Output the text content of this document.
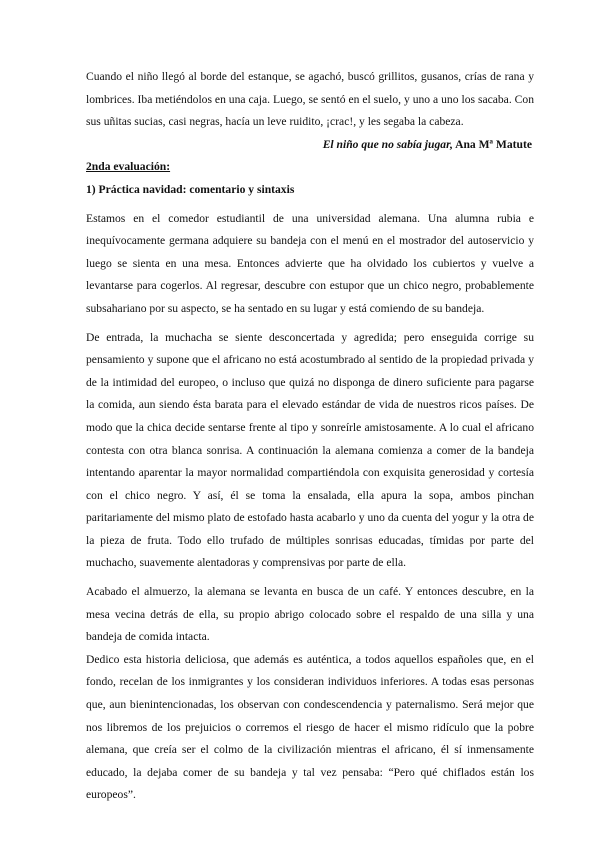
Cuando el niño llegó al borde del estanque, se agachó, buscó grillitos, gusanos, crías de rana y lombrices. Iba metiéndolos en una caja. Luego, se sentó en el suelo, y uno a uno los sacaba. Con sus uñitas sucias, casi negras, hacía un leve ruidito, ¡crac!, y les segaba la cabeza.

El niño que no sabía jugar, Ana Mª Matute
2nda evaluación:
1) Práctica navidad: comentario y sintaxis

Estamos en el comedor estudiantil de una universidad alemana. Una alumna rubia e inequívocamente germana adquiere su bandeja con el menú en el mostrador del autoservicio y luego se sienta en una mesa. Entonces advierte que ha olvidado los cubiertos y vuelve a levantarse para cogerlos. Al regresar, descubre con estupor que un chico negro, probablemente subsahariano por su aspecto, se ha sentado en su lugar y está comiendo de su bandeja.

De entrada, la muchacha se siente desconcertada y agredida; pero enseguida corrige su pensamiento y supone que el africano no está acostumbrado al sentido de la propiedad privada y de la intimidad del europeo, o incluso que quizá no disponga de dinero suficiente para pagarse la comida, aun siendo ésta barata para el elevado estándar de vida de nuestros ricos países. De modo que la chica decide sentarse frente al tipo y sonreírle amistosamente. A lo cual el africano contesta con otra blanca sonrisa. A continuación la alemana comienza a comer de la bandeja intentando aparentar la mayor normalidad compartiéndola con exquisita generosidad y cortesía con el chico negro. Y así, él se toma la ensalada, ella apura la sopa, ambos pinchan paritariamente del mismo plato de estofado hasta acabarlo y uno da cuenta del yogur y la otra de la pieza de fruta. Todo ello trufado de múltiples sonrisas educadas, tímidas por parte del muchacho, suavemente alentadoras y comprensivas por parte de ella.

Acabado el almuerzo, la alemana se levanta en busca de un café. Y entonces descubre, en la mesa vecina detrás de ella, su propio abrigo colocado sobre el respaldo de una silla y una bandeja de comida intacta.

Dedico esta historia deliciosa, que además es auténtica, a todos aquellos españoles que, en el fondo, recelan de los inmigrantes y los consideran individuos inferiores. A todas esas personas que, aun bienintencionadas, los observan con condescendencia y paternalismo. Será mejor que nos libremos de los prejuicios o corremos el riesgo de hacer el mismo ridículo que la pobre alemana, que creía ser el colmo de la civilización mientras el africano, él sí inmensamente educado, la dejaba comer de su bandeja y tal vez pensaba: “Pero qué chiflados están los europeos”.
